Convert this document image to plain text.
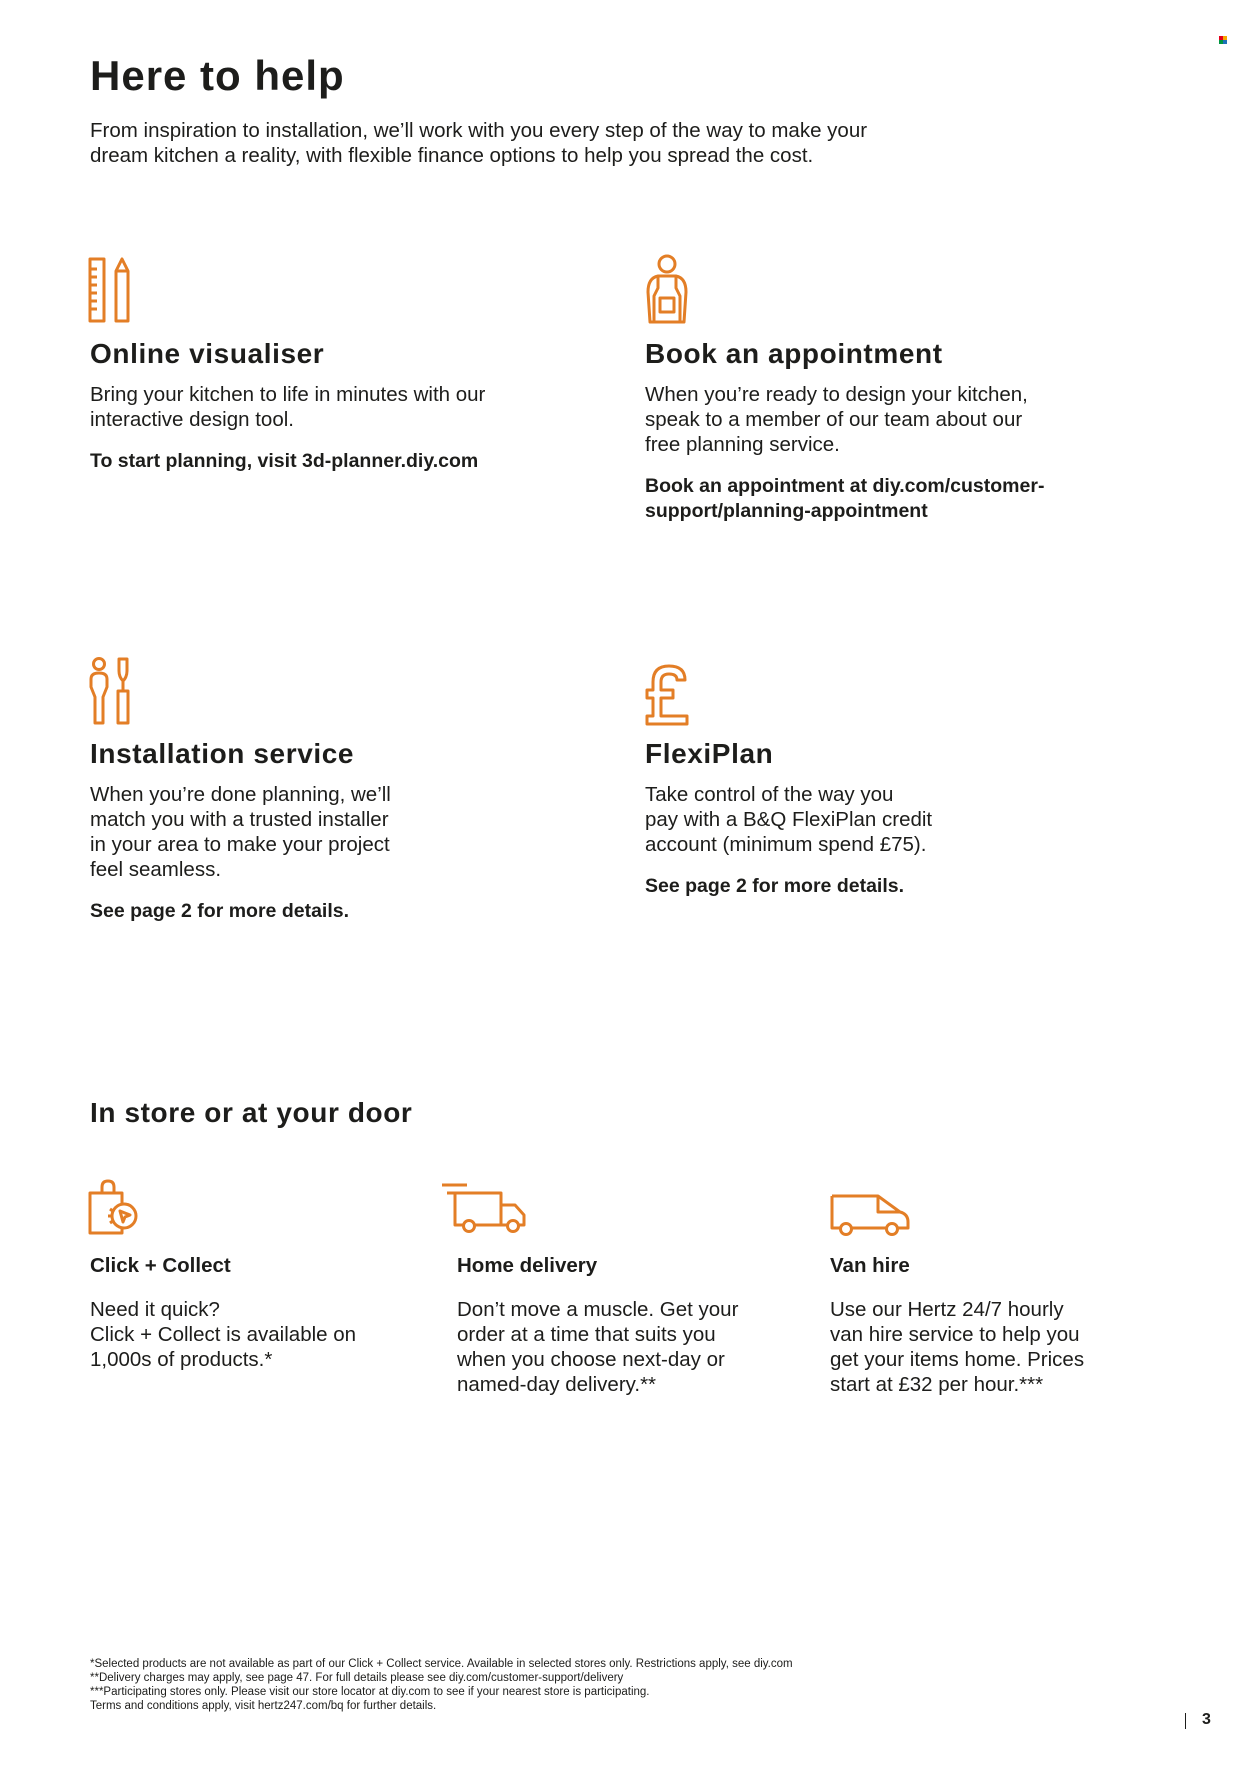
Here to help
From inspiration to installation, we’ll work with you every step of the way to make your
dream kitchen a reality, with flexible finance options to help you spread the cost.
Online visualiser
Bring your kitchen to life in minutes with our
interactive design tool.
To start planning, visit 3d-planner.diy.com
Book an appointment
When you’re ready to design your kitchen,
speak to a member of our team about our
free planning service.
Book an appointment at diy.com/customer-
support/planning-appointment
Installation service
When you’re done planning, we’ll
match you with a trusted installer
in your area to make your project
feel seamless.
See page 2 for more details.
FlexiPlan
Take control of the way you
pay with a B&Q FlexiPlan credit
account (minimum spend £75).
See page 2 for more details.
In store or at your door
Click + Collect
Need it quick?
Click + Collect is available on
1,000s of products.*
Home delivery
Don’t move a muscle. Get your
order at a time that suits you
when you choose next-day or
named-day delivery.**
Van hire
Use our Hertz 24/7 hourly
van hire service to help you
get your items home. Prices
start at £32 per hour.***
*Selected products are not available as part of our Click + Collect service. Available in selected stores only. Restrictions apply, see diy.com
**Delivery charges may apply, see page 47. For full details please see diy.com/customer-support/delivery
***Participating stores only. Please visit our store locator at diy.com to see if your nearest store is participating.
Terms and conditions apply, visit hertz247.com/bq for further details.
3
